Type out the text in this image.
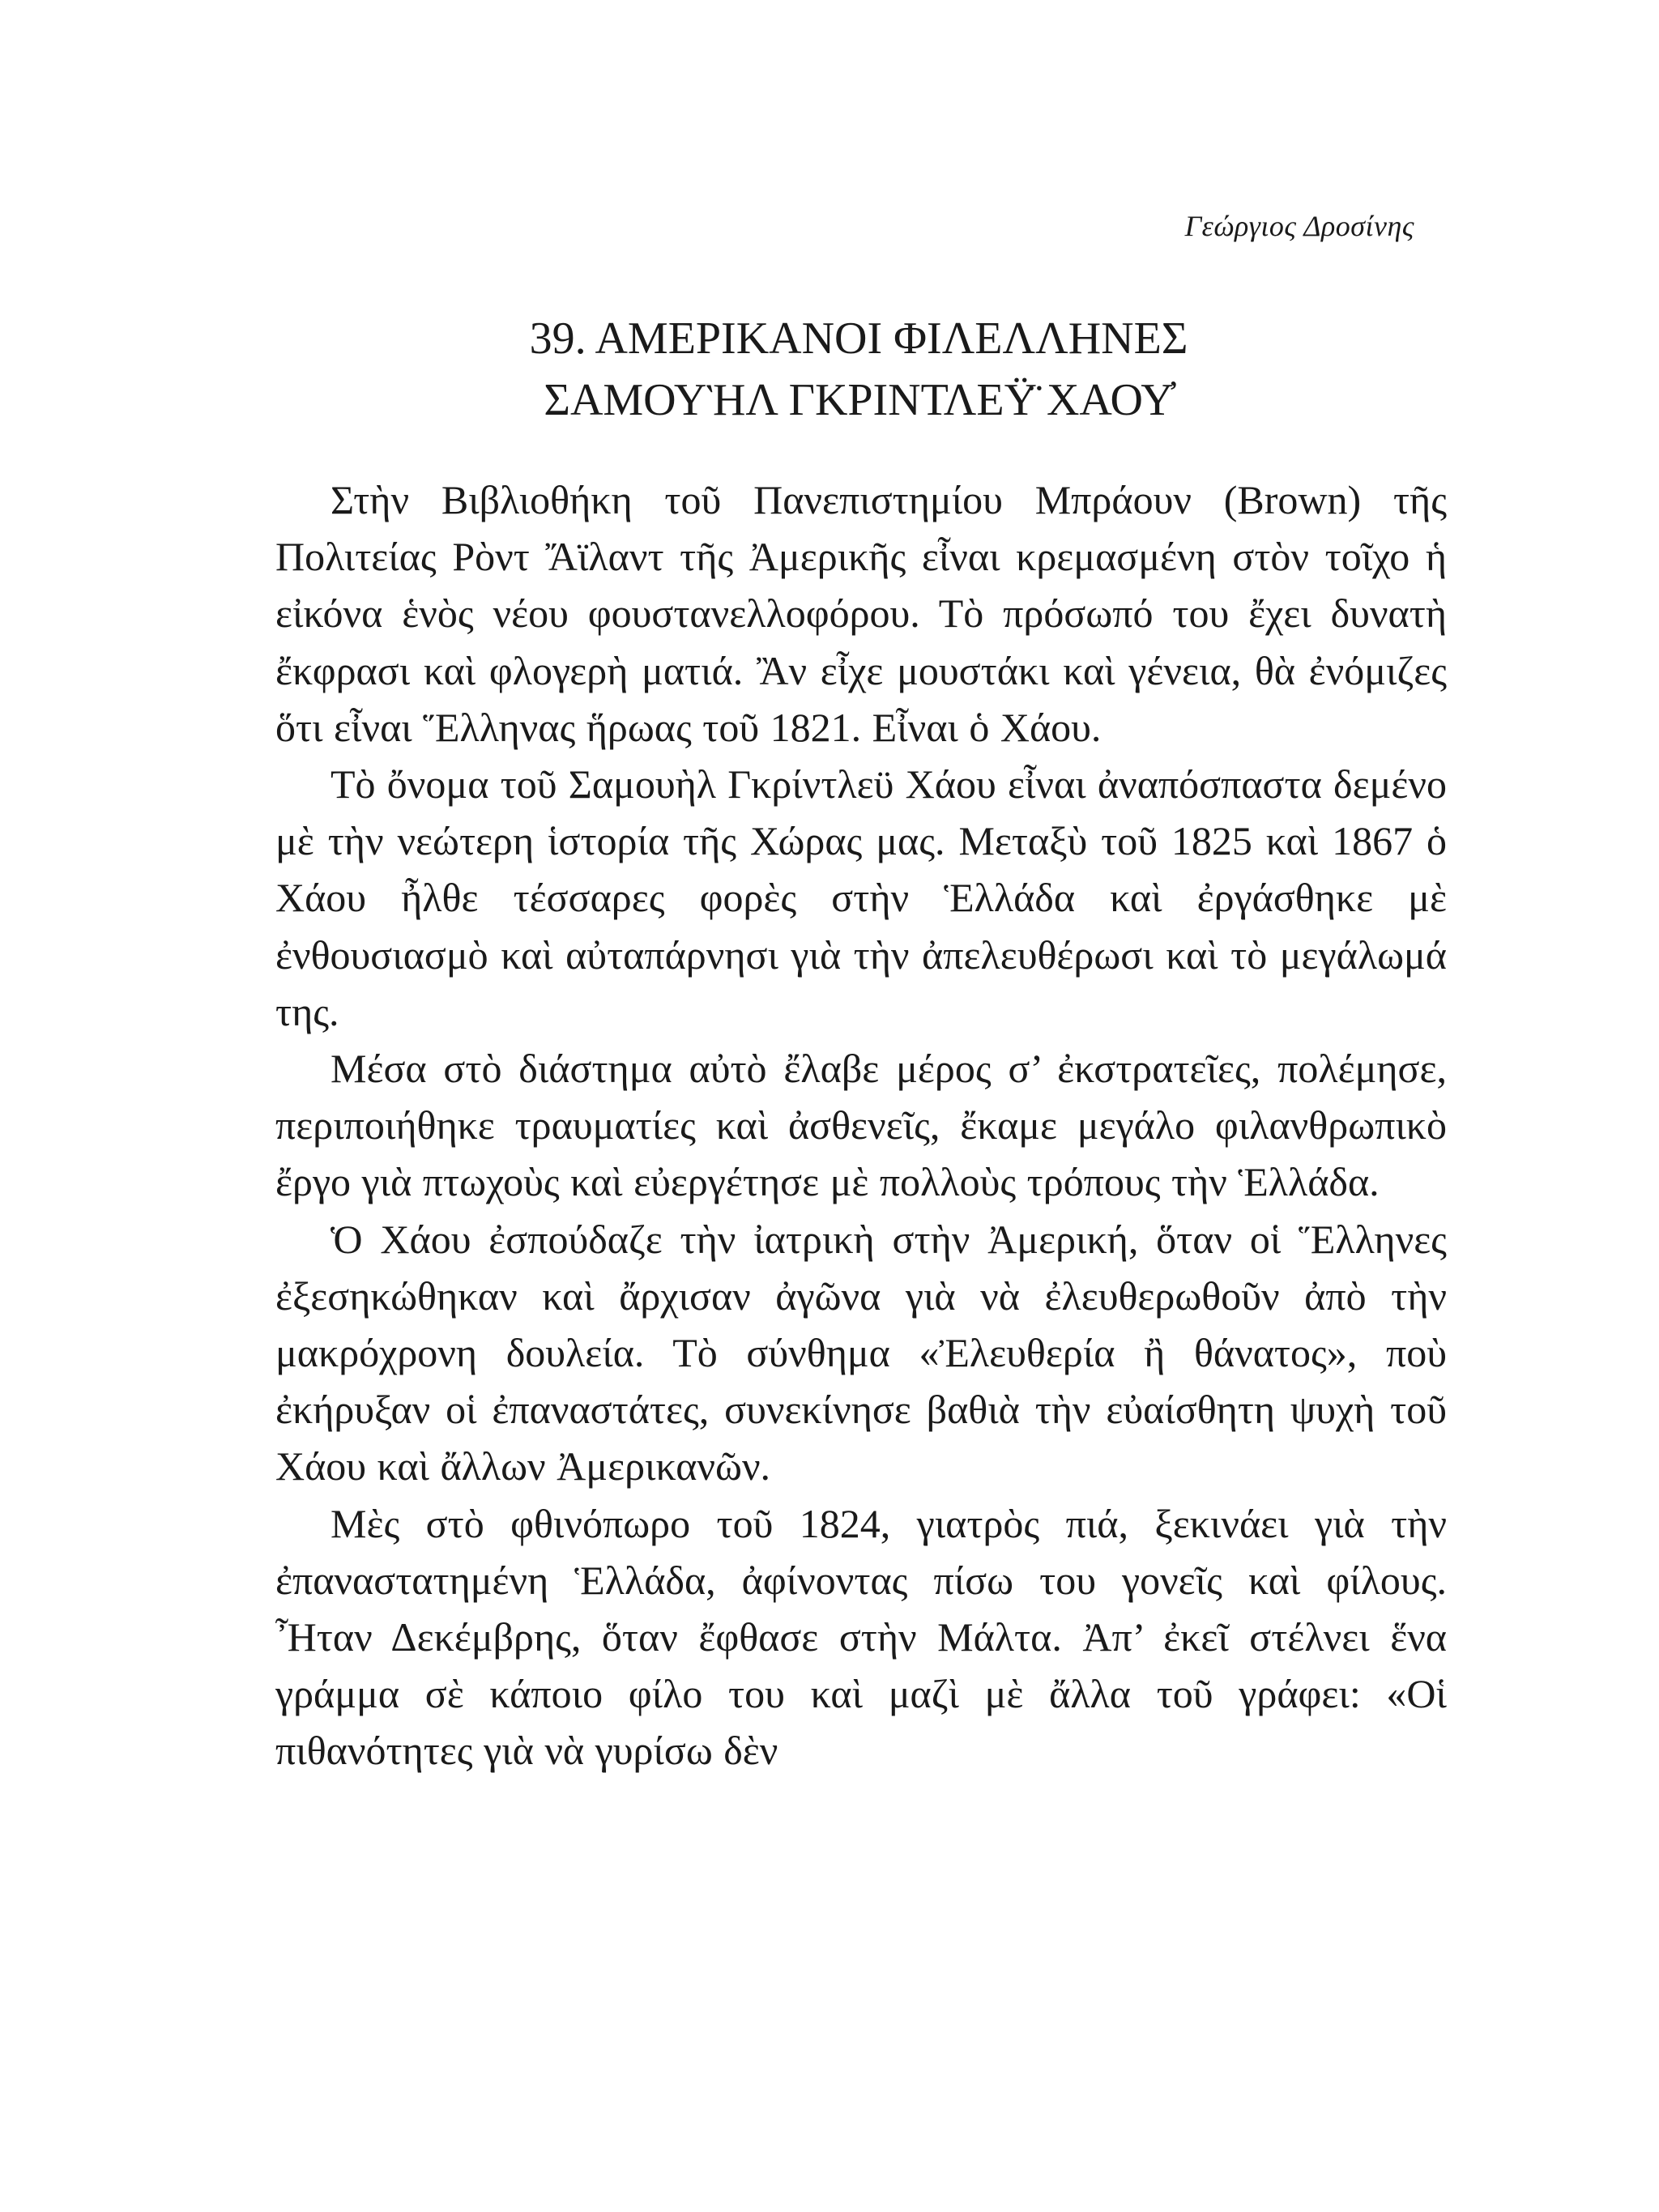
Γεώργιος Δροσίνης
39. ΑΜΕΡΙΚΑΝΟΙ ΦΙΛΕΛΛΗΝΕΣ
ΣΑΜΟΥῊΛ ΓΚΡΙΝΤΛΕΫ̈ ΧΑΟΥ̓

Στὴν Βιβλιοθήκη τοῦ Πανεπιστημίου Μπράουν (Brown) τῆς Πολιτείας Ρὸντ Ἄϊλαντ τῆς Ἀμερικῆς εἶναι κρεμασμένη στὸν τοῖχο ἡ εἰκόνα ἑνὸς νέου φουστανελλοφόρου. Τὸ πρόσωπό του ἔχει δυνατὴ ἔκφρασι καὶ φλογερὴ ματιά. Ἂν εἶχε μουστάκι καὶ γένεια, θὰ ἐνόμιζες ὅτι εἶναι Ἕλληνας ἥρωας τοῦ 1821. Εἶναι ὁ Χάου.

Τὸ ὄνομα τοῦ Σαμουὴλ Γκρίντλεϋ Χάου εἶναι ἀναπόσπαστα δεμένο μὲ τὴν νεώτερη ἱστορία τῆς Χώρας μας. Μεταξὺ τοῦ 1825 καὶ 1867 ὁ Χάου ἦλθε τέσσαρες φορὲς στὴν Ἑλλάδα καὶ ἐργάσθηκε μὲ ἐνθουσιασμὸ καὶ αὐταπάρνησι γιὰ τὴν ἀπελευθέρωσι καὶ τὸ μεγάλωμά της.

Μέσα στὸ διάστημα αὐτὸ ἔλαβε μέρος σ’ ἐκστρατεῖες, πολέμησε, περιποιήθηκε τραυματίες καὶ ἀσθενεῖς, ἔκαμε μεγάλο φιλανθρωπικὸ ἔργο γιὰ πτωχοὺς καὶ εὐεργέτησε μὲ πολλοὺς τρόπους τὴν Ἑλλάδα.

Ὁ Χάου ἐσπούδαζε τὴν ἰατρικὴ στὴν Ἀμερική, ὅταν οἱ Ἕλληνες ἐξεσηκώθηκαν καὶ ἄρχισαν ἀγῶνα γιὰ νὰ ἐλευθερωθοῦν ἀπὸ τὴν μακρόχρονη δουλεία. Τὸ σύνθημα «Ἐλευθερία ἢ θάνατος», ποὺ ἐκήρυξαν οἱ ἐπαναστάτες, συνεκίνησε βαθιὰ τὴν εὐαίσθητη ψυχὴ τοῦ Χάου καὶ ἄλλων Ἀμερικανῶν.

Μὲς στὸ φθινόπωρο τοῦ 1824, γιατρὸς πιά, ξεκινάει γιὰ τὴν ἐπαναστατημένη Ἑλλάδα, ἀφίνοντας πίσω του γονεῖς καὶ φίλους. Ἦταν Δεκέμβρης, ὅταν ἔφθασε στὴν Μάλτα. Ἀπ’ ἐκεῖ στέλνει ἕνα γράμμα σὲ κάποιο φίλο του καὶ μαζὶ μὲ ἄλλα τοῦ γράφει: «Οἱ πιθανότητες γιὰ νὰ γυρίσω δὲν
